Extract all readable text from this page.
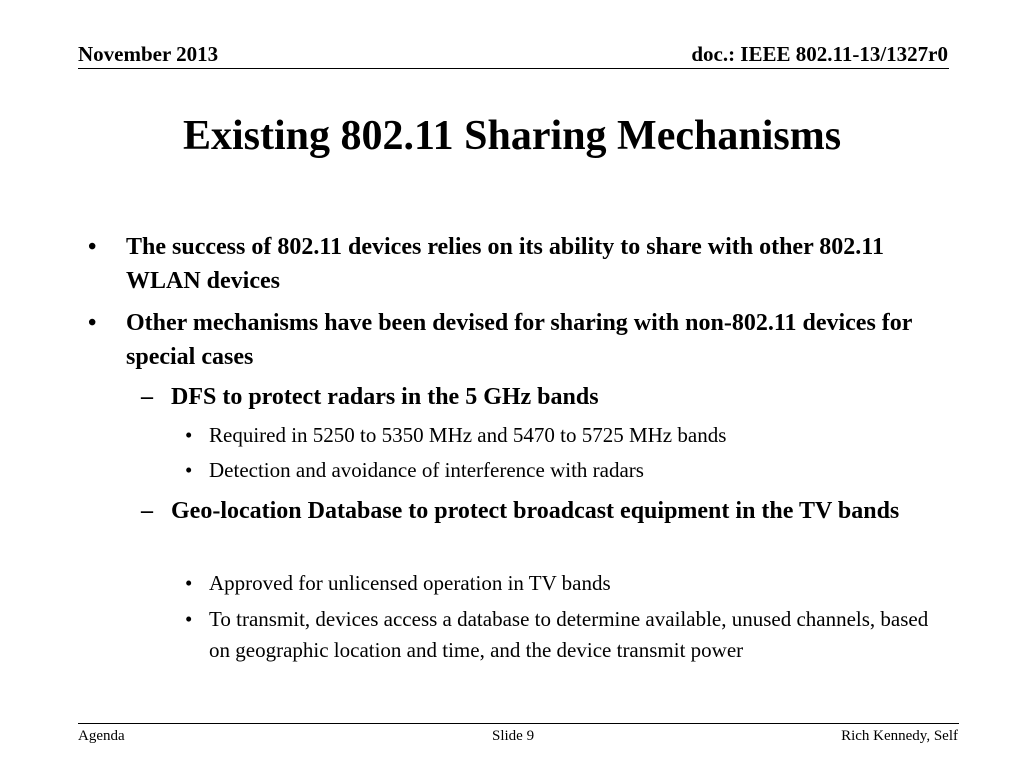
November 2013	doc.: IEEE 802.11-13/1327r0
Existing 802.11 Sharing Mechanisms
• The success of 802.11 devices relies on its ability to share with other 802.11 WLAN devices
• Other mechanisms have been devised for sharing with non-802.11 devices for special cases
– DFS to protect radars in the 5 GHz bands
• Required in 5250 to 5350 MHz and 5470 to 5725 MHz bands
• Detection and avoidance of interference with radars
– Geo-location Database to protect broadcast equipment in the TV bands
• Approved for unlicensed operation in TV bands
• To transmit, devices access a database to determine available, unused channels, based on geographic location and time, and the device transmit power
Agenda	Slide 9	Rich Kennedy, Self
